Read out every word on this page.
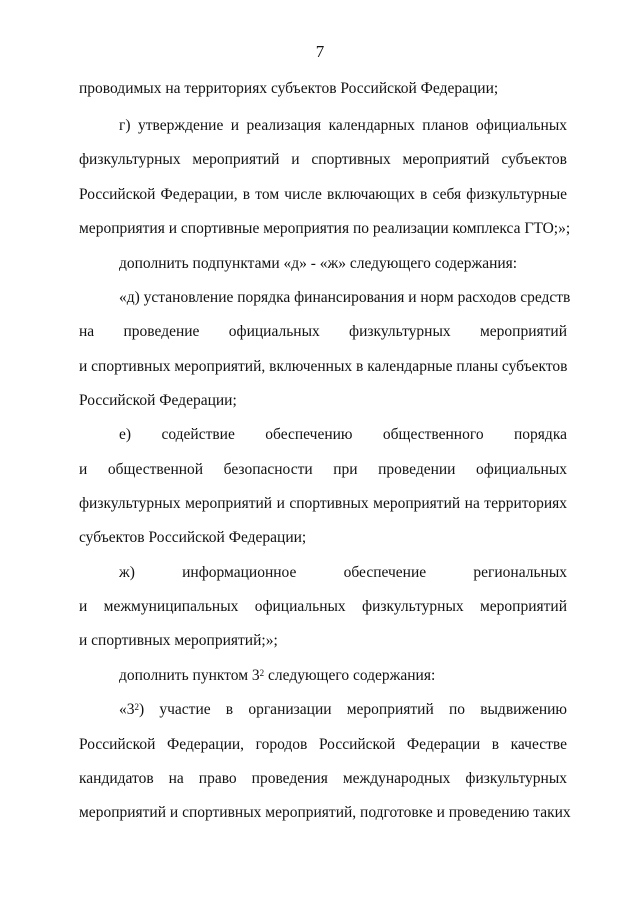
7
проводимых на территориях субъектов Российской Федерации;
г) утверждение и реализация календарных планов официальных
физкультурных мероприятий и спортивных мероприятий субъектов
Российской Федерации, в том числе включающих в себя физкультурные
мероприятия и спортивные мероприятия по реализации комплекса ГТО;»;
дополнить подпунктами «д» - «ж» следующего содержания:
«д) установление порядка финансирования и норм расходов средств
на проведение официальных физкультурных мероприятий
и спортивных мероприятий, включенных в календарные планы субъектов
Российской Федерации;
е) содействие обеспечению общественного порядка
и общественной безопасности при проведении официальных
физкультурных мероприятий и спортивных мероприятий на территориях
субъектов Российской Федерации;
ж) информационное обеспечение региональных
и межмуниципальных официальных физкультурных мероприятий
и спортивных мероприятий;»;
дополнить пунктом $3^2$ следующего содержания:
«$3^2$) участие в организации мероприятий по выдвижению
Российской Федерации, городов Российской Федерации в качестве
кандидатов на право проведения международных физкультурных
мероприятий и спортивных мероприятий, подготовке и проведению таких
